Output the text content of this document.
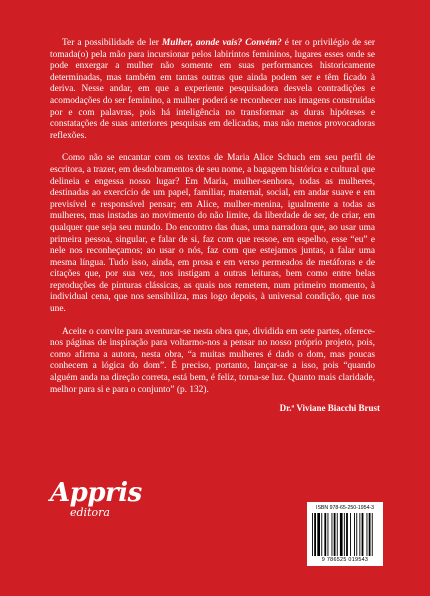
Ter a possibilidade de ler Mulher, aonde vais? Convém? é ter o privilégio de ser tomada(o) pela mão para incursionar pelos labirintos femininos, lugares esses onde se pode enxergar a mulher não somente em suas performances historicamente determinadas, mas também em tantas outras que ainda podem ser e têm ficado à deriva. Nesse andar, em que a experiente pesquisadora desvela contradições e acomodações do ser feminino, a mulher poderá se reconhecer nas imagens construídas por e com palavras, pois há inteligência no transformar as duras hipóteses e constatações de suas anteriores pesquisas em delicadas, mas não menos provocadoras reflexões.

Como não se encantar com os textos de Maria Alice Schuch em seu perfil de escritora, a trazer, em desdobramentos de seu nome, a bagagem histórica e cultural que delineia e engessa nosso lugar? Em Maria, mulher-senhora, todas as mulheres, destinadas ao exercício de um papel, familiar, maternal, social, em andar suave e em previsível e responsável pensar; em Alice, mulher-menina, igualmente a todas as mulheres, mas instadas ao movimento do não limite, da liberdade de ser, de criar, em qualquer que seja seu mundo. Do encontro das duas, uma narradora que, ao usar uma primeira pessoa, singular, e falar de si, faz com que ressoe, em espelho, esse “eu” e nele nos reconheçamos; ao usar o nós, faz com que estejamos juntas, a falar uma mesma língua. Tudo isso, ainda, em prosa e em verso permeados de metáforas e de citações que, por sua vez, nos instigam a outras leituras, bem como entre belas reproduções de pinturas clássicas, as quais nos remetem, num primeiro momento, à individual cena, que nos sensibiliza, mas logo depois, à universal condição, que nos une.

Aceite o convite para aventurar-se nesta obra que, dividida em sete partes, oferece-nos páginas de inspiração para voltarmo-nos a pensar no nosso próprio projeto, pois, como afirma a autora, nesta obra, “a muitas mulheres é dado o dom, mas poucas conhecem a lógica do dom”. É preciso, portanto, lançar-se a isso, pois “quando alguém anda na direção correta, está bem, é feliz, torna-se luz. Quanto mais claridade, melhor para si e para o conjunto” (p. 132).

Dr.ª Viviane Biacchi Brust
Appris
editora	ISBN 978-65-250-1954-3
9 786525 019543
